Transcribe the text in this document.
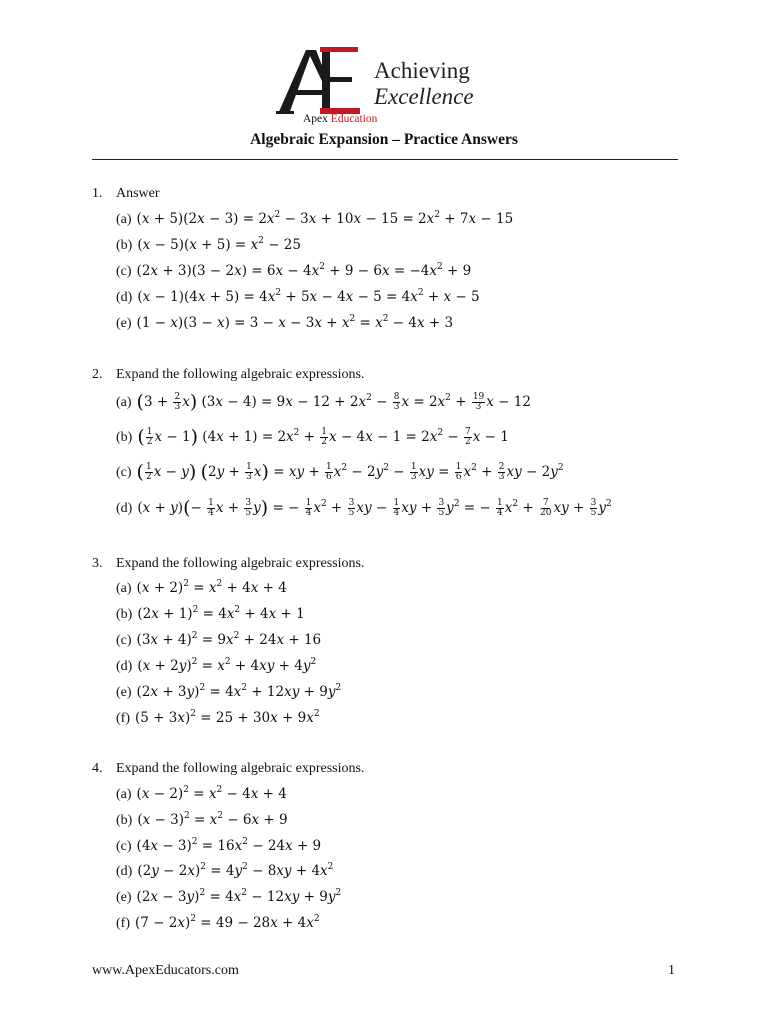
Achieving
Excellence
Apex Education
Algebraic Expansion – Practice Answers
1. Answer
(a) $(x + 5)(2x - 3) = 2x^2 - 3x + 10x - 15 = 2x^2 + 7x - 15$
(b) $(x - 5)(x + 5) = x^2 - 25$
(c) $(2x + 3)(3 - 2x) = 6x - 4x^2 + 9 - 6x = -4x^2 + 9$
(d) $(x - 1)(4x + 5) = 4x^2 + 5x - 4x - 5 = 4x^2 + x - 5$
(e) $(1 - x)(3 - x) = 3 - x - 3x + x^2 = x^2 - 4x + 3$
2. Expand the following algebraic expressions.
(a) $(3 + \frac{2}{3} x)$ $(3x - 4) = 9x - 12 + 2x^2 - \frac{8}{3}$ $x = 2x^2 + \frac{19}{3}$ x − 12
(b) ( $\frac{1}{2}$ x − 1) $(4x + 1) = 2x^2 + \frac{1}{2}$ $x - 4x - 1 = 2x^2 - \frac{7}{2}$ x − 1
(c) ( $\frac{1}{2}$ x − y) $(2y + \frac{1}{3} x)$ = xy + $\frac{1}{6} x^2 - 2y^2 - \frac{1}{3}$ xy = $\frac{1}{6} x^2 + \frac{2}{3}$ xy − $2y^2$
(d) $(x + y)(- \frac{1}{4}$ $x + \frac{3}{5} y$) = − $\frac{1}{4} x^2 + \frac{3}{5}$ xy − $\frac{1}{4}$ xy + $\frac{3}{5} y^2$ = − $\frac{1}{4} x^2 + \frac{7}{20}$ xy + $\frac{3}{5} y^2$
3. Expand the following algebraic expressions.
(a) $(x + 2)^2 = x^2 + 4x + 4$
(b) $(2x + 1)^2 = 4x^2 + 4x + 1$
(c) $(3x + 4)^2 = 9x^2 + 24x + 16$
(d) $(x + 2y)^2 = x^2 + 4xy + 4y^2$
(e) $(2x + 3y)^2 = 4x^2 + 12xy + 9y^2$
(f) $(5 + 3x)^2 = 25 + 30x + 9x^2$
4. Expand the following algebraic expressions.
(a) $(x - 2)^2 = x^2 - 4x + 4$
(b) $(x - 3)^2 = x^2 - 6x + 9$
(c) $(4x - 3)^2 = 16x^2 - 24x + 9$
(d) $(2y - 2x)^2 = 4y^2 - 8xy + 4x^2$
(e) $(2x - 3y)^2 = 4x^2 - 12xy + 9y^2$
(f) $(7 - 2x)^2 = 49 - 28x + 4x^2$
www.ApexEducators.com	1
